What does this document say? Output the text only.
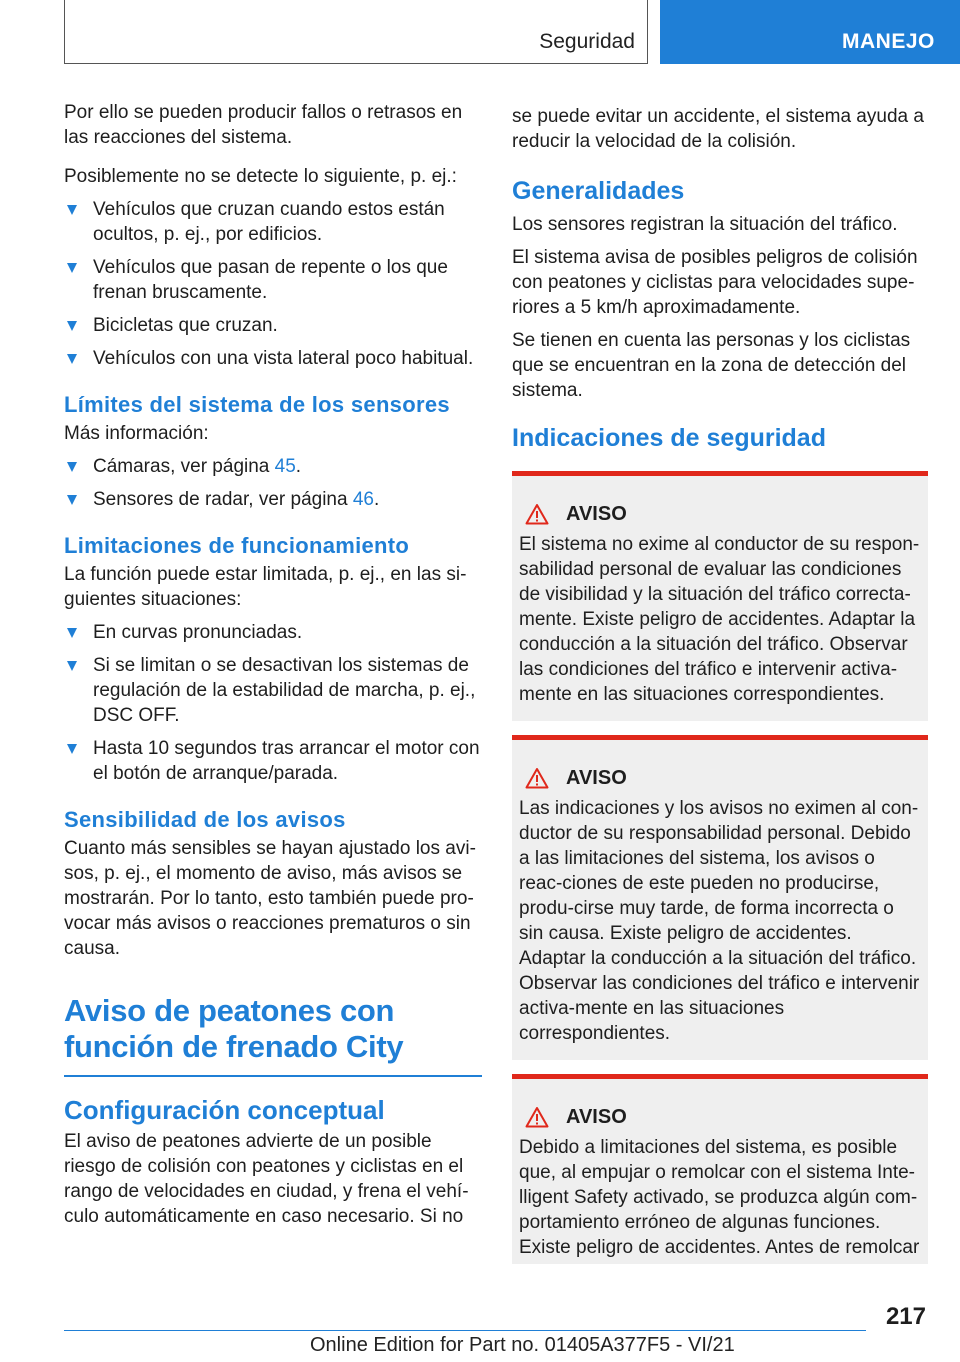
Seguridad	MANEJO

Por ello se pueden producir fallos o retrasos en las reacciones del sistema.

Posiblemente no se detecte lo siguiente, p. ej.:

Vehículos que cruzan cuando estos están ocultos, p. ej., por edificios.
Vehículos que pasan de repente o los que frenan bruscamente.
Bicicletas que cruzan.
Vehículos con una vista lateral poco habitual.
Límites del sistema de los sensores

Más información:

Cámaras, ver página 45.
Sensores de radar, ver página 46.
Limitaciones de funcionamiento

La función puede estar limitada, p. ej., en las si-guientes situaciones:

En curvas pronunciadas.
Si se limitan o se desactivan los sistemas de regulación de la estabilidad de marcha, p. ej., DSC OFF.
Hasta 10 segundos tras arrancar el motor con el botón de arranque/parada.
Sensibilidad de los avisos

Cuanto más sensibles se hayan ajustado los avi-sos, p. ej., el momento de aviso, más avisos se mostrarán. Por lo tanto, esto también puede pro-vocar más avisos o reacciones prematuros o sin causa.

Aviso de peatones con función de frenado City
Configuración conceptual

El aviso de peatones advierte de un posible riesgo de colisión con peatones y ciclistas en el rango de velocidades en ciudad, y frena el vehí-culo automáticamente en caso necesario. Si no

se puede evitar un accidente, el sistema ayuda a reducir la velocidad de la colisión.

Generalidades

Los sensores registran la situación del tráfico.

El sistema avisa de posibles peligros de colisión con peatones y ciclistas para velocidades supe-riores a 5 km/h aproximadamente.

Se tienen en cuenta las personas y los ciclistas que se encuentran en la zona de detección del sistema.

Indicaciones de seguridad
AVISO
El sistema no exime al conductor de su respon-sabilidad personal de evaluar las condiciones de visibilidad y la situación del tráfico correcta-mente. Existe peligro de accidentes. Adaptar la conducción a la situación del tráfico. Observar las condiciones del tráfico e intervenir activa-mente en las situaciones correspondientes.
AVISO
Las indicaciones y los avisos no eximen al con-ductor de su responsabilidad personal. Debido a las limitaciones del sistema, los avisos o reac-ciones de este pueden no producirse, produ-cirse muy tarde, de forma incorrecta o sin causa. Existe peligro de accidentes. Adaptar la conducción a la situación del tráfico. Observar las condiciones del tráfico e intervenir activa-mente en las situaciones correspondientes.
AVISO
Debido a limitaciones del sistema, es posible que, al empujar o remolcar con el sistema Inte-lligent Safety activado, se produzca algún com-portamiento erróneo de algunas funciones. Existe peligro de accidentes. Antes de remolcar
217
Online Edition for Part no. 01405A377F5 - VI/21
